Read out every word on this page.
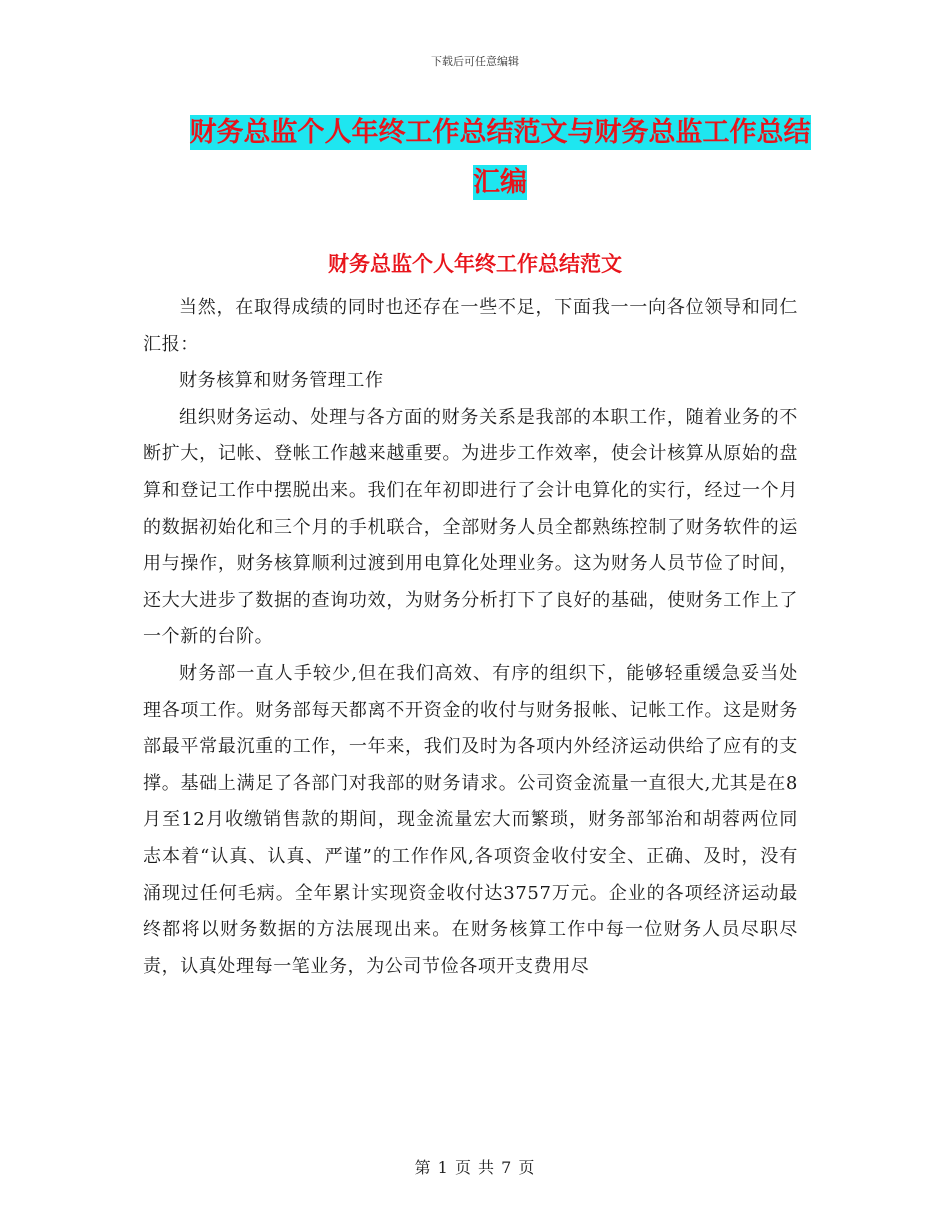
下载后可任意编辑
财务总监个人年终工作总结范文与财务总监工作总结汇编
财务总监个人年终工作总结范文

当然，在取得成绩的同时也还存在一些不足，下面我一一向各位领导和同仁汇报：

财务核算和财务管理工作

组织财务运动、处理与各方面的财务关系是我部的本职工作，随着业务的不断扩大，记帐、登帐工作越来越重要。为进步工作效率，使会计核算从原始的盘算和登记工作中摆脱出来。我们在年初即进行了会计电算化的实行，经过一个月的数据初始化和三个月的手机联合，全部财务人员全都熟练控制了财务软件的运用与操作，财务核算顺利过渡到用电算化处理业务。这为财务人员节俭了时间，还大大进步了数据的查询功效，为财务分析打下了良好的基础，使财务工作上了一个新的台阶。

财务部一直人手较少,但在我们高效、有序的组织下，能够轻重缓急妥当处理各项工作。财务部每天都离不开资金的收付与财务报帐、记帐工作。这是财务部最平常最沉重的工作，一年来，我们及时为各项内外经济运动供给了应有的支撑。基础上满足了各部门对我部的财务请求。公司资金流量一直很大,尤其是在8月至12月收缴销售款的期间，现金流量宏大而繁琐，财务部邹治和胡蓉两位同志本着“认真、认真、严谨”的工作作风,各项资金收付安全、正确、及时，没有涌现过任何毛病。全年累计实现资金收付达3757万元。企业的各项经济运动最终都将以财务数据的方法展现出来。在财务核算工作中每一位财务人员尽职尽责，认真处理每一笔业务，为公司节俭各项开支费用尽

第 1 页 共 7 页
